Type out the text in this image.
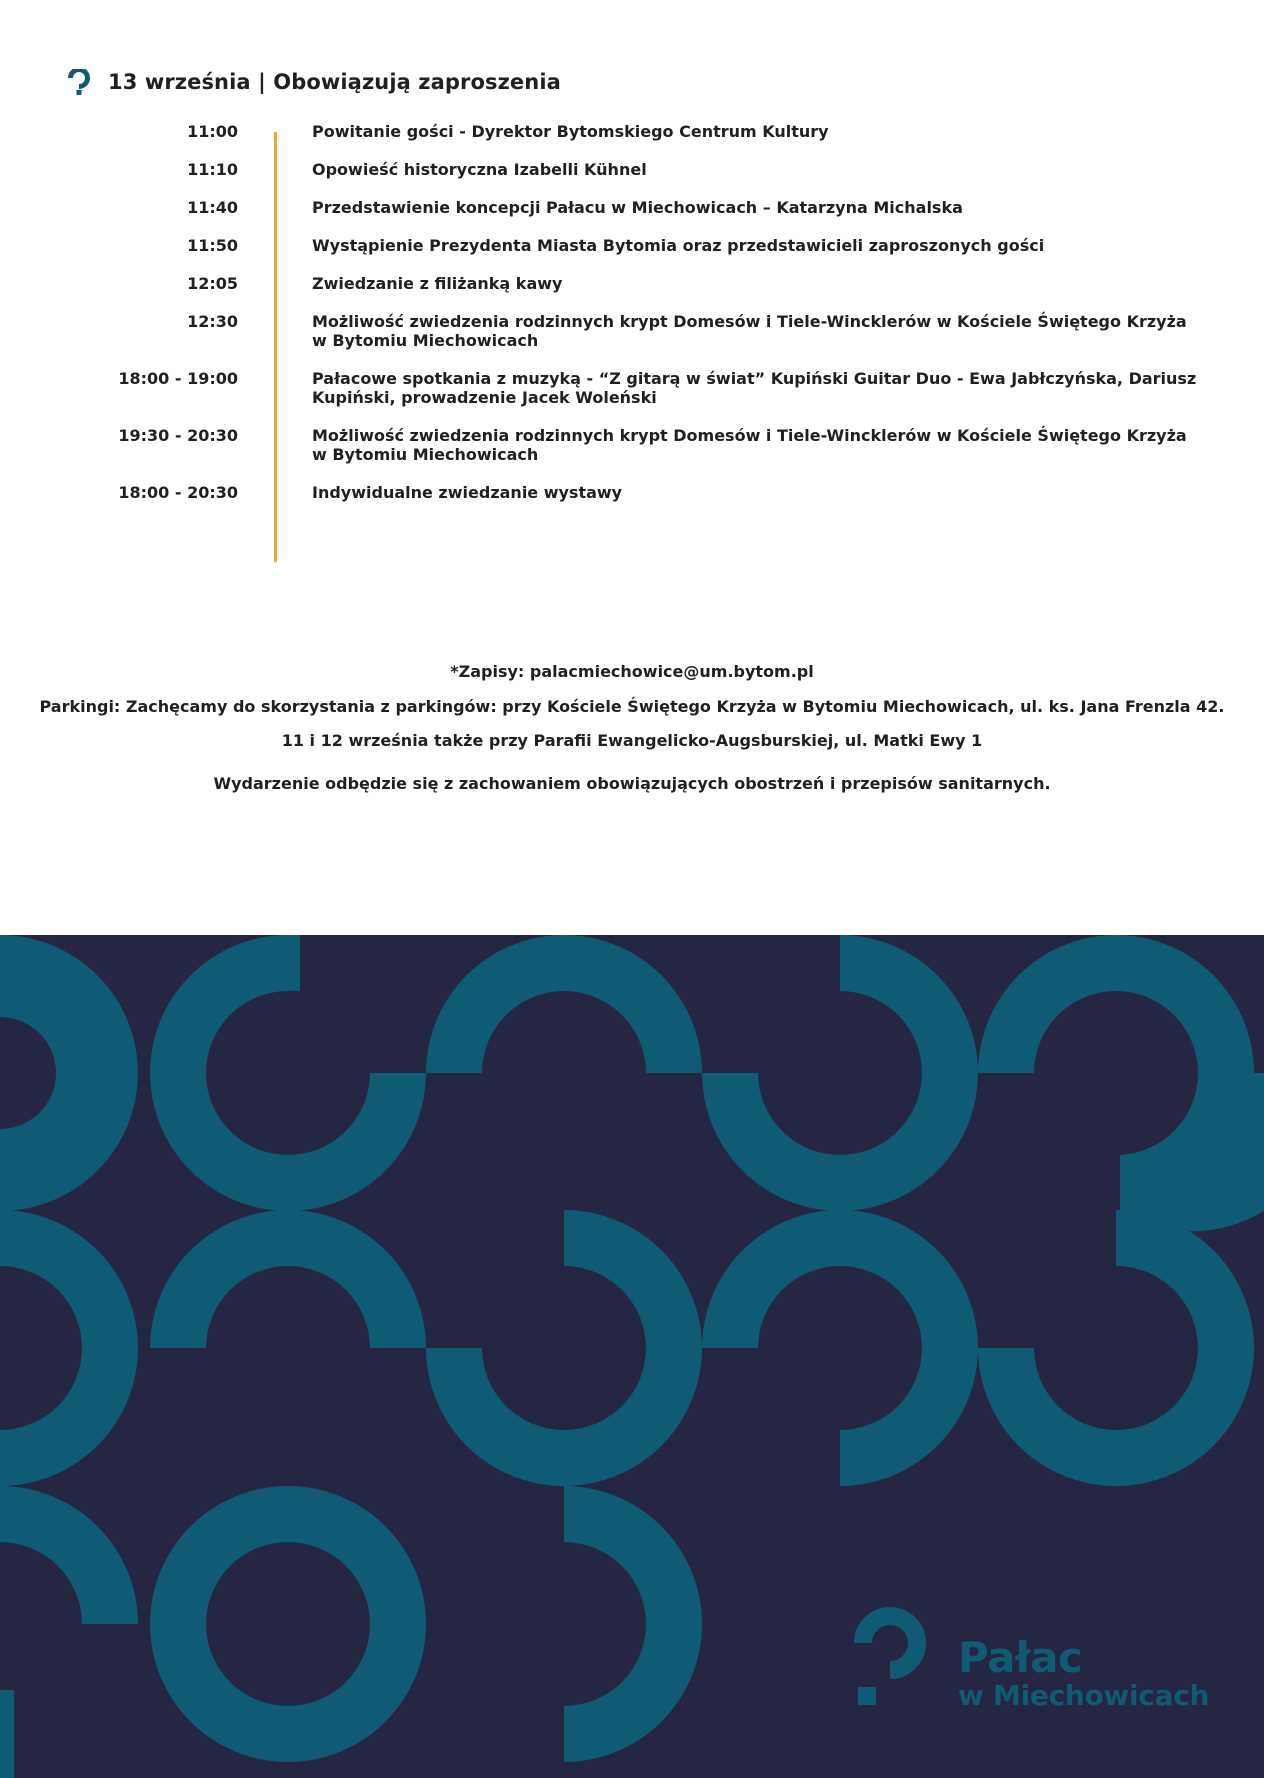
13 września | Obowiązują zaproszenia
11:00	Powitanie gości - Dyrektor Bytomskiego Centrum Kultury
11:10	Opowieść historyczna Izabelli Kühnel
11:40	Przedstawienie koncepcji Pałacu w Miechowicach – Katarzyna Michalska
11:50	Wystąpienie Prezydenta Miasta Bytomia oraz przedstawicieli zaproszonych gości
12:05	Zwiedzanie z filiżanką kawy
12:30	Możliwość zwiedzenia rodzinnych krypt Domesów i Tiele-Wincklerów w Kościele Świętego Krzyża w Bytomiu Miechowicach
18:00 - 19:00	Pałacowe spotkania z muzyką - “Z gitarą w świat” Kupiński Guitar Duo - Ewa Jabłczyńska, Dariusz Kupiński, prowadzenie Jacek Woleński
19:30 - 20:30	Możliwość zwiedzenia rodzinnych krypt Domesów i Tiele-Wincklerów w Kościele Świętego Krzyża w Bytomiu Miechowicach
18:00 - 20:30	Indywidualne zwiedzanie wystawy
*Zapisy: palacmiechowice@um.bytom.pl
Parkingi: Zachęcamy do skorzystania z parkingów: przy Kościele Świętego Krzyża w Bytomiu Miechowicach, ul. ks. Jana Frenzla 42.
11 i 12 września także przy Parafii Ewangelicko-Augsburskiej, ul. Matki Ewy 1
Wydarzenie odbędzie się z zachowaniem obowiązujących obostrzeń i przepisów sanitarnych.
Pałac
w Miechowicach
